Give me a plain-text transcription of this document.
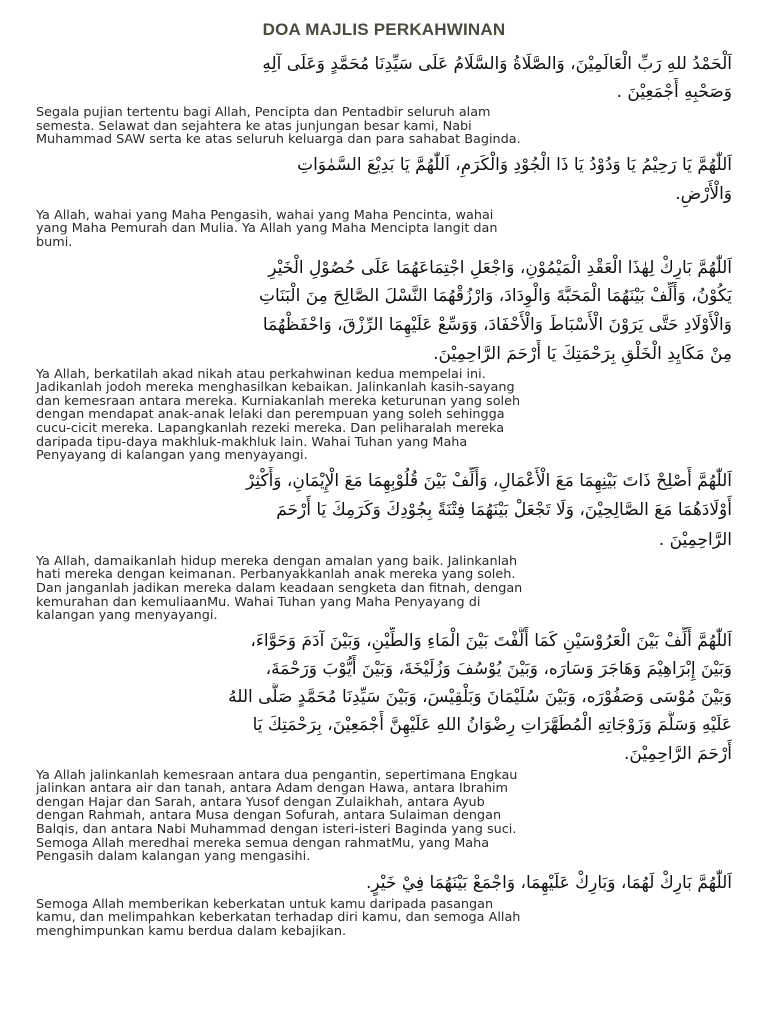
DOA MAJLIS PERKAHWINAN
اَلْحَمْدُ للهِ رَبِّ الْعَالَمِيْنَ، وَالصَّلَاةُ وَالسَّلَامُ عَلَى سَيِّدِنَا مُحَمَّدٍ وَعَلَى آلِهِ
وَصَحْبِهِ أَجْمَعِيْنَ .
Segala pujian tertentu bagi Allah, Pencipta dan Pentadbir seluruh alam
semesta. Selawat dan sejahtera ke atas junjungan besar kami, Nabi
Muhammad SAW serta ke atas seluruh keluarga dan para sahabat Baginda.
اَللّٰهُمَّ يَا رَحِيْمُ يَا وَدُوْدُ يَا ذَا الْجُوْدِ وَالْكَرَمِ، اَللّٰهُمَّ يَا بَدِيْعَ السَّمٰوَاتِ
وَالْأَرْضِ.
Ya Allah, wahai yang Maha Pengasih, wahai yang Maha Pencinta, wahai
yang Maha Pemurah dan Mulia. Ya Allah yang Maha Mencipta langit dan
bumi.
اَللّٰهُمَّ بَارِكْ لِهٰذَا الْعَقْدِ الْمَيْمُوْنِ، وَاجْعَلِ اجْتِمَاعَهُمَا عَلَى حُصُوْلِ الْخَيْرِ
يَكُوْنُ، وَأَلِّفْ بَيْنَهُمَا الْمَحَبَّةَ وَالْوِدَادَ، وَارْزُقْهُمَا النَّسْلَ الصَّالِحَ مِنَ الْبَنَاتِ
وَالْأَوْلَادِ حَتَّى يَرَوْنَ الْأَسْبَاطَ وَالْأَحْفَادَ، وَوَسِّعْ عَلَيْهِمَا الرِّزْقَ، وَاحْفَظْهُمَا
مِنْ مَكَايِدِ الْخَلْقِ بِرَحْمَتِكَ يَا أَرْحَمَ الرَّاحِمِيْنَ.
Ya Allah, berkatilah akad nikah atau perkahwinan kedua mempelai ini.
Jadikanlah jodoh mereka menghasilkan kebaikan. Jalinkanlah kasih-sayang
dan kemesraan antara mereka. Kurniakanlah mereka keturunan yang soleh
dengan mendapat anak-anak lelaki dan perempuan yang soleh sehingga
cucu-cicit mereka. Lapangkanlah rezeki mereka. Dan peliharalah mereka
daripada tipu-daya makhluk-makhluk lain. Wahai Tuhan yang Maha
Penyayang di kalangan yang menyayangi.
اَللّٰهُمَّ أَصْلِحْ ذَاتَ بَيْنِهِمَا مَعَ الْأَعْمَالِ، وَأَلِّفْ بَيْنَ قُلُوْبِهِمَا مَعَ الْإِيْمَانِ، وَأَكْثِرْ
أَوْلَادَهُمَا مَعَ الصَّالِحِيْنَ، وَلَا تَجْعَلْ بَيْنَهُمَا فِتْنَةً بِجُوْدِكَ وَكَرَمِكَ يَا أَرْحَمَ
الرَّاحِمِيْنَ .
Ya Allah, damaikanlah hidup mereka dengan amalan yang baik. Jalinkanlah
hati mereka dengan keimanan. Perbanyakkanlah anak mereka yang soleh.
Dan janganlah jadikan mereka dalam keadaan sengketa dan fitnah, dengan
kemurahan dan kemuliaanMu. Wahai Tuhan yang Maha Penyayang di
kalangan yang menyayangi.
اَللّٰهُمَّ أَلِّفْ بَيْنَ الْعَرُوْسَيْنِ كَمَا أَلَّفْتَ بَيْنَ الْمَاءِ وَالطِّيْنِ، وَبَيْنَ آدَمَ وَحَوَّاءَ،
وَبَيْنَ إِبْرَاهِيْمَ وَهَاجَرَ وَسَارَه، وَبَيْنَ يُوْسُفَ وَزُلَيْخَةَ، وَبَيْنَ أَيُّوْبَ وَرَحْمَةَ،
وَبَيْنَ مُوْسَى وَصَفُوْرَه، وَبَيْنَ سُلَيْمَانَ وَبَلْقِيْسَ، وَبَيْنَ سَيِّدِنَا مُحَمَّدٍ صَلَّى اللهُ
عَلَيْهِ وَسَلَّمَ وَزَوْجَاتِهِ الْمُطَهَّرَاتِ رِضْوَانُ اللهِ عَلَيْهِنَّ أَجْمَعِيْنَ، بِرَحْمَتِكَ يَا
أَرْحَمَ الرَّاحِمِيْنَ.
Ya Allah jalinkanlah kemesraan antara dua pengantin, sepertimana Engkau
jalinkan antara air dan tanah, antara Adam dengan Hawa, antara Ibrahim
dengan Hajar dan Sarah, antara Yusof dengan Zulaikhah, antara Ayub
dengan Rahmah, antara Musa dengan Sofurah, antara Sulaiman dengan
Balqis, dan antara Nabi Muhammad dengan isteri-isteri Baginda yang suci.
Semoga Allah meredhai mereka semua dengan rahmatMu, yang Maha
Pengasih dalam kalangan yang mengasihi.
اَللّٰهُمَّ بَارِكْ لَهُمَا، وَبَارِكْ عَلَيْهِمَا، وَاجْمَعْ بَيْنَهُمَا فِيْ خَيْرٍ.
Semoga Allah memberikan keberkatan untuk kamu daripada pasangan
kamu, dan melimpahkan keberkatan terhadap diri kamu, dan semoga Allah
menghimpunkan kamu berdua dalam kebajikan.
